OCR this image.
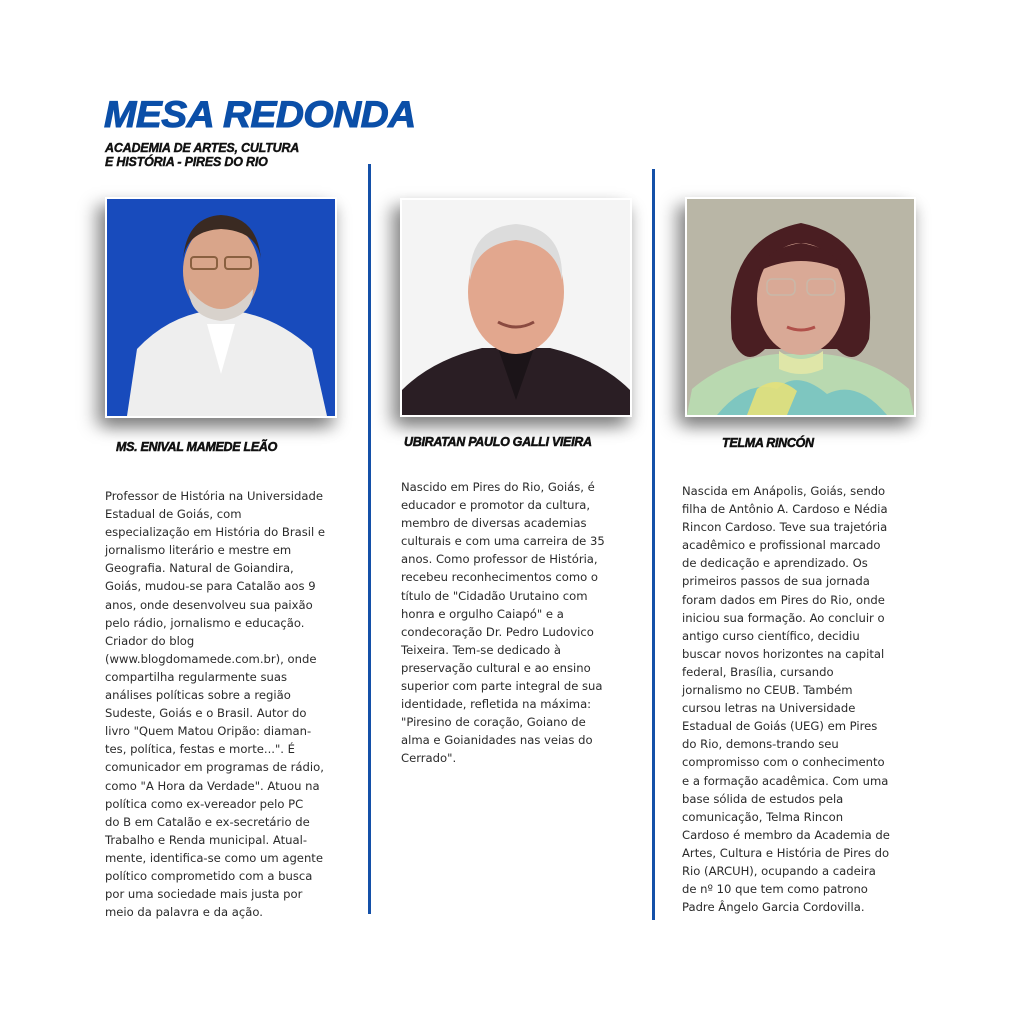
MESA REDONDA
ACADEMIA DE ARTES, CULTURA
E HISTÓRIA - PIRES DO RIO
MS. ENIVAL MAMEDE LEÃO
Professor de História na Universidade
Estadual de Goiás, com
especialização em História do Brasil e
jornalismo literário e mestre em
Geografia. Natural de Goiandira,
Goiás, mudou-se para Catalão aos 9
anos, onde desenvolveu sua paixão
pelo rádio, jornalismo e educação.
Criador do blog
(www.blogdomamede.com.br), onde
compartilha regularmente suas
análises políticas sobre a região
Sudeste, Goiás e o Brasil. Autor do
livro "Quem Matou Oripão: diaman-
tes, política, festas e morte...". É
comunicador em programas de rádio,
como "A Hora da Verdade". Atuou na
política como ex-vereador pelo PC
do B em Catalão e ex-secretário de
Trabalho e Renda municipal. Atual-
mente, identifica-se como um agente
político comprometido com a busca
por uma sociedade mais justa por
meio da palavra e da ação.
UBIRATAN PAULO GALLI VIEIRA
Nascido em Pires do Rio, Goiás, é
educador e promotor da cultura,
membro de diversas academias
culturais e com uma carreira de 35
anos. Como professor de História,
recebeu reconhecimentos como o
título de "Cidadão Urutaino com
honra e orgulho Caiapó" e a
condecoração Dr. Pedro Ludovico
Teixeira. Tem-se dedicado à
preservação cultural e ao ensino
superior com parte integral de sua
identidade, refletida na máxima:
"Piresino de coração, Goiano de
alma e Goianidades nas veias do
Cerrado".
TELMA RINCÓN
Nascida em Anápolis, Goiás, sendo
filha de Antônio A. Cardoso e Nédia
Rincon Cardoso. Teve sua trajetória
acadêmico e profissional marcado
de dedicação e aprendizado. Os
primeiros passos de sua jornada
foram dados em Pires do Rio, onde
iniciou sua formação. Ao concluir o
antigo curso científico, decidiu
buscar novos horizontes na capital
federal, Brasília, cursando
jornalismo no CEUB. Também
cursou letras na Universidade
Estadual de Goiás (UEG) em Pires
do Rio, demons-trando seu
compromisso com o conhecimento
e a formação acadêmica. Com uma
base sólida de estudos pela
comunicação, Telma Rincon
Cardoso é membro da Academia de
Artes, Cultura e História de Pires do
Rio (ARCUH), ocupando a cadeira
de nº 10 que tem como patrono
Padre Ângelo Garcia Cordovilla.
